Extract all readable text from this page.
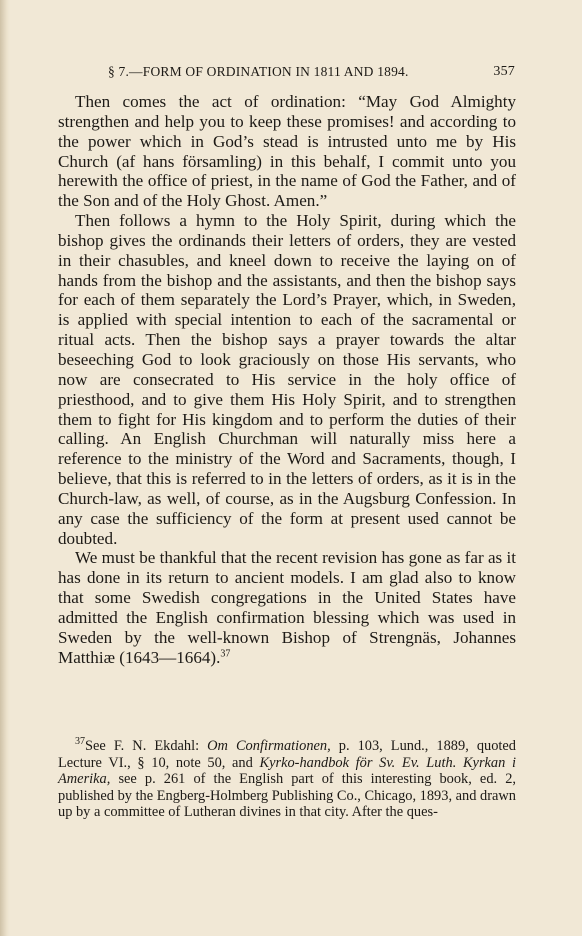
§ 7.—FORM OF ORDINATION IN 1811 AND 1894.	357

Then comes the act of ordination: “May God Almighty strengthen and help you to keep these promises! and according to the power which in God’s stead is intrusted unto me by His Church (af hans församling) in this behalf, I commit unto you herewith the office of priest, in the name of God the Father, and of the Son and of the Holy Ghost. Amen.”

Then follows a hymn to the Holy Spirit, during which the bishop gives the ordinands their letters of orders, they are vested in their chasubles, and kneel down to receive the laying on of hands from the bishop and the assistants, and then the bishop says for each of them separately the Lord’s Prayer, which, in Sweden, is applied with special intention to each of the sacramental or ritual acts. Then the bishop says a prayer towards the altar beseeching God to look graciously on those His servants, who now are consecrated to His service in the holy office of priesthood, and to give them His Holy Spirit, and to strengthen them to fight for His kingdom and to perform the duties of their calling. An English Churchman will naturally miss here a reference to the ministry of the Word and Sacraments, though, I believe, that this is referred to in the letters of orders, as it is in the Church-law, as well, of course, as in the Augsburg Confession. In any case the sufficiency of the form at present used cannot be doubted.

We must be thankful that the recent revision has gone as far as it has done in its return to ancient models. I am glad also to know that some Swedish congregations in the United States have admitted the English confirmation blessing which was used in Sweden by the well-known Bishop of Strengnäs, Johannes Matthiæ (1643—1664).$^{37}$

$^{37}$See F. N. Ekdahl: Om Confirmationen, p. 103, Lund., 1889, quoted Lecture VI., § 10, note 50, and Kyrko-handbok för Sv. Ev. Luth. Kyrkan i Amerika, see p. 261 of the English part of this interesting book, ed. 2, published by the Engberg-Holmberg Publishing Co., Chicago, 1893, and drawn up by a committee of Lutheran divines in that city. After the ques-
